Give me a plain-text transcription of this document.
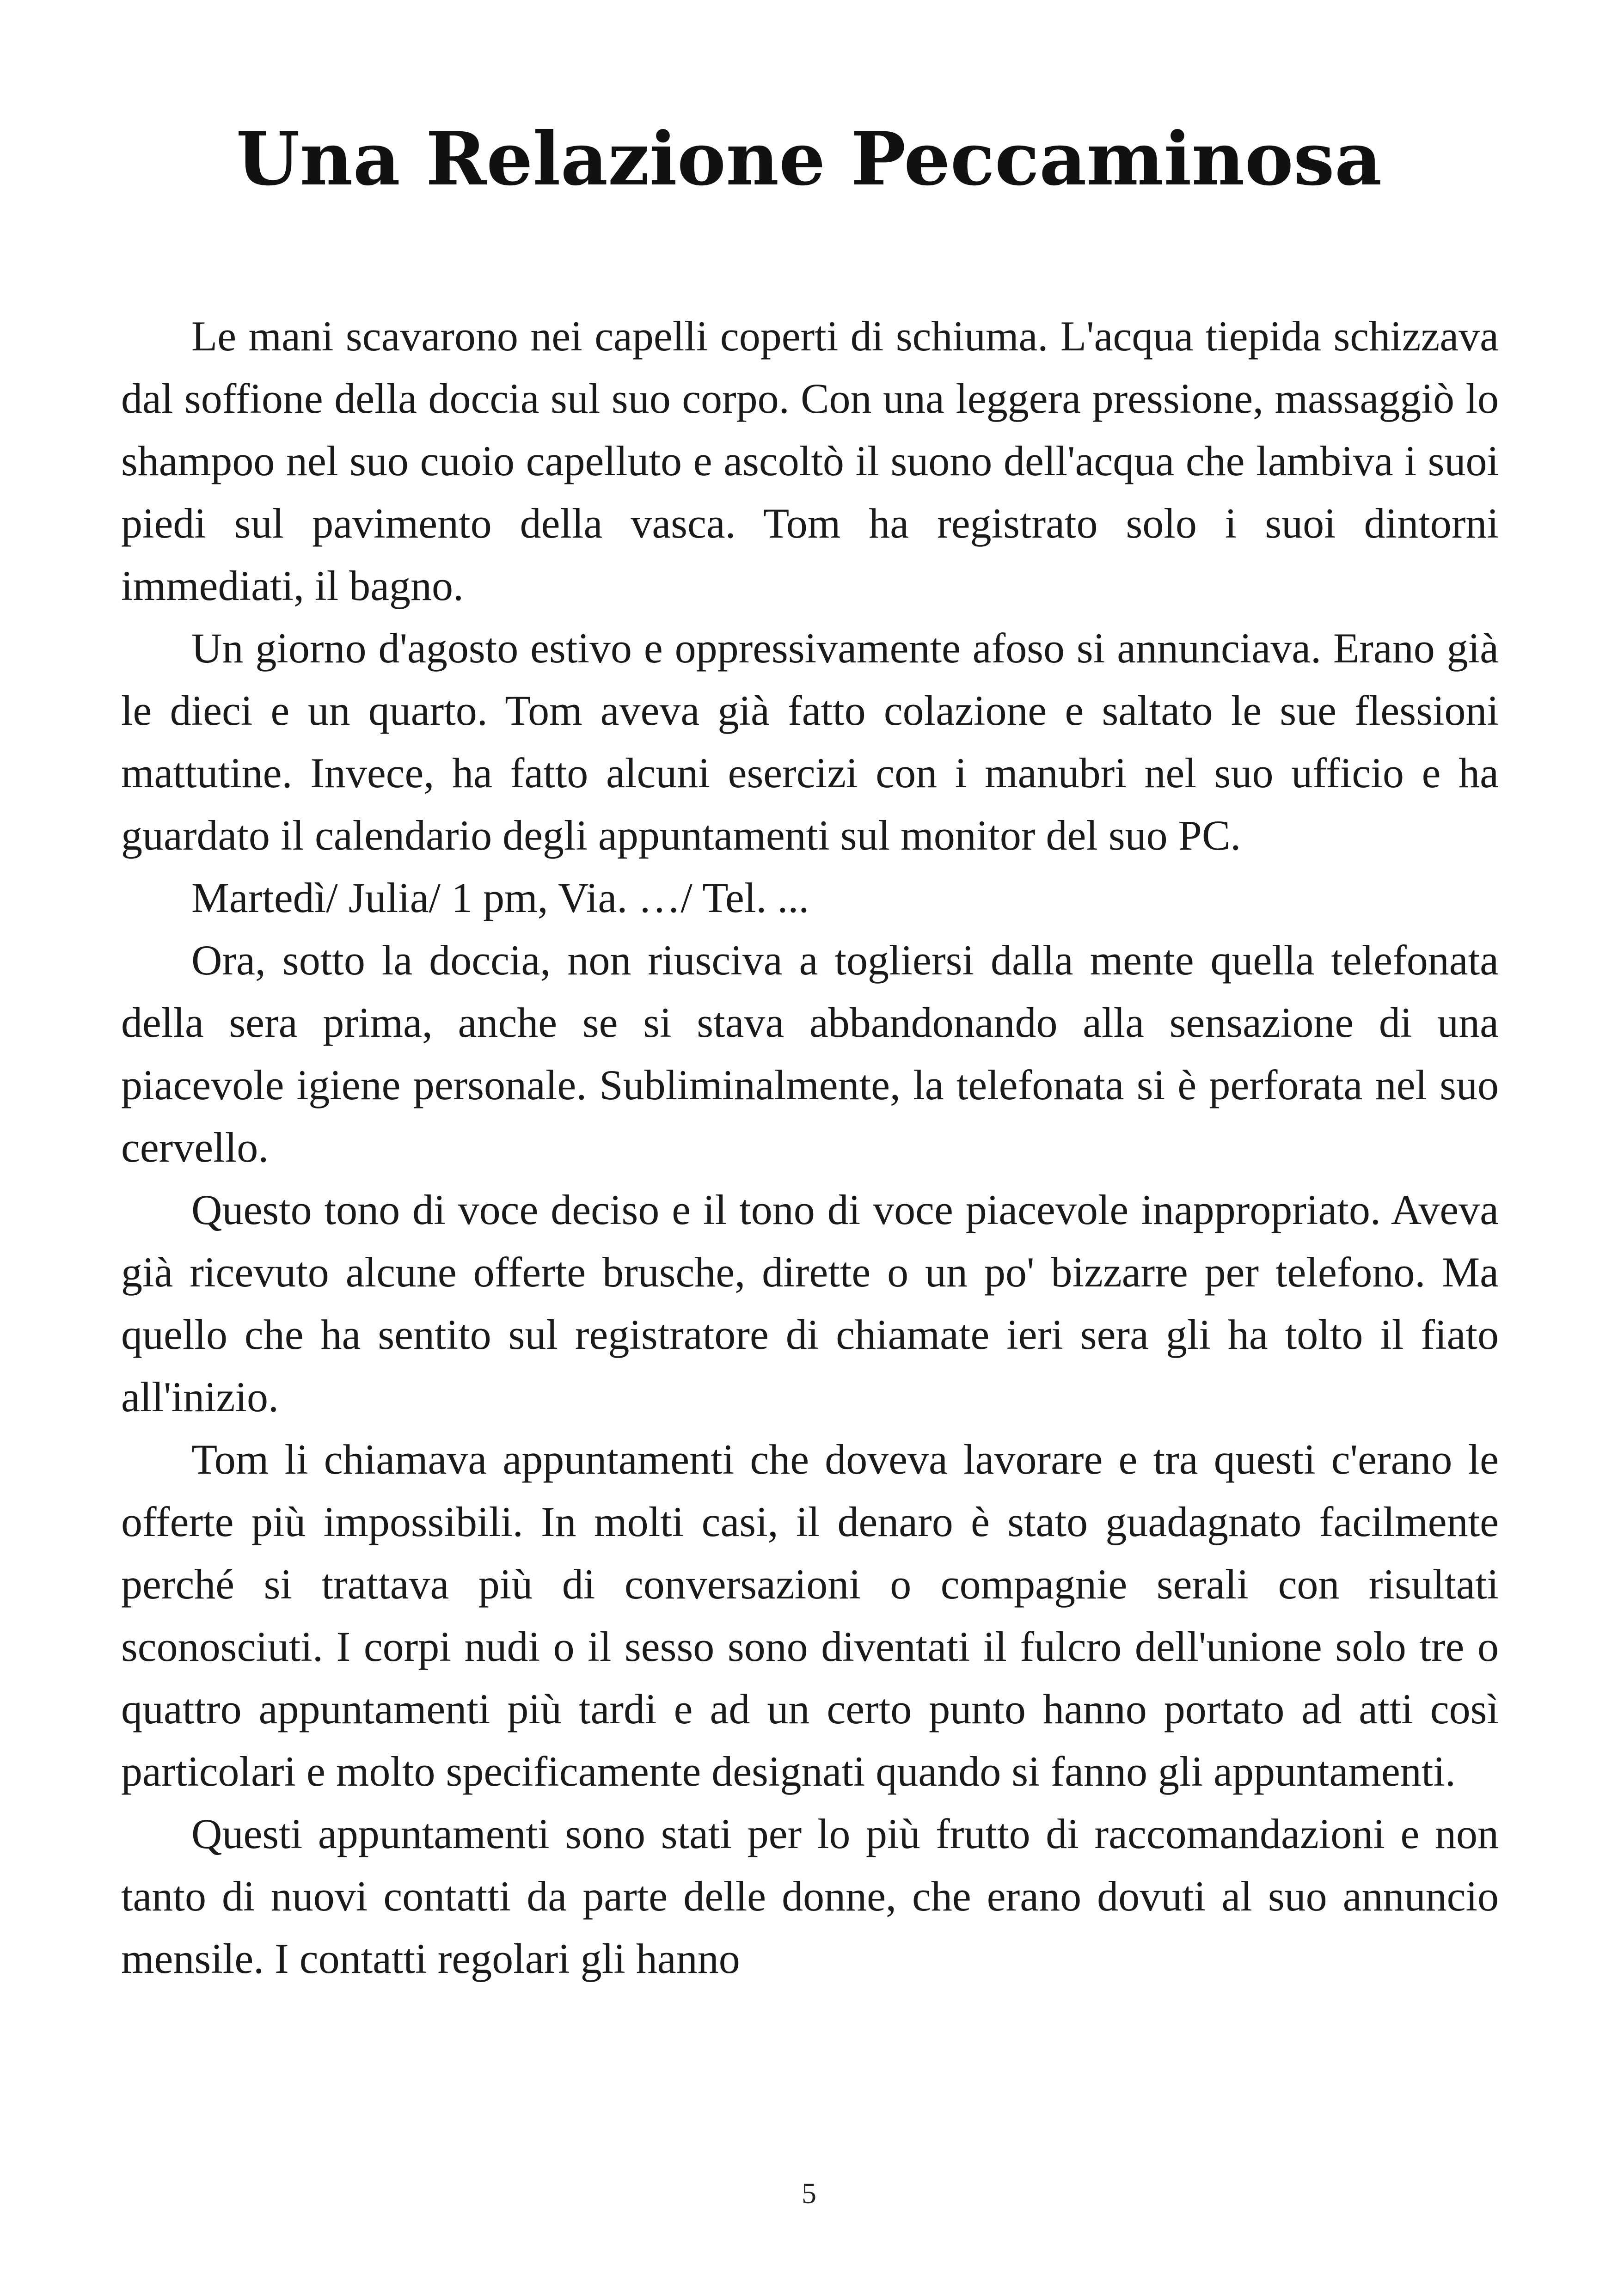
Una Relazione Peccaminosa

Le mani scavarono nei capelli coperti di schiuma. L'acqua tiepida schizzava dal soffione della doccia sul suo corpo. Con una leggera pressione, massaggiò lo shampoo nel suo cuoio capelluto e ascoltò il suono dell'acqua che lambiva i suoi piedi sul pavimento della vasca. Tom ha registrato solo i suoi dintorni immediati, il bagno.

Un giorno d'agosto estivo e oppressivamente afoso si annunciava. Erano già le dieci e un quarto. Tom aveva già fatto colazione e saltato le sue flessioni mattutine. Invece, ha fatto alcuni esercizi con i manubri nel suo ufficio e ha guardato il calendario degli appuntamenti sul monitor del suo PC.

Martedì/ Julia/ 1 pm, Via. …/ Tel. ...

Ora, sotto la doccia, non riusciva a togliersi dalla mente quella telefonata della sera prima, anche se si stava abbandonando alla sensazione di una piacevole igiene personale. Subliminalmente, la telefonata si è perforata nel suo cervello.

Questo tono di voce deciso e il tono di voce piacevole inappropriato. Aveva già ricevuto alcune offerte brusche, dirette o un po' bizzarre per telefono. Ma quello che ha sentito sul registratore di chiamate ieri sera gli ha tolto il fiato all'inizio.

Tom li chiamava appuntamenti che doveva lavorare e tra questi c'erano le offerte più impossibili. In molti casi, il denaro è stato guadagnato facilmente perché si trattava più di conversazioni o compagnie serali con risultati sconosciuti. I corpi nudi o il sesso sono diventati il fulcro dell'unione solo tre o quattro appuntamenti più tardi e ad un certo punto hanno portato ad atti così particolari e molto specificamente designati quando si fanno gli appuntamenti.

Questi appuntamenti sono stati per lo più frutto di raccomandazioni e non tanto di nuovi contatti da parte delle donne, che erano dovuti al suo annuncio mensile. I contatti regolari gli hanno

5
